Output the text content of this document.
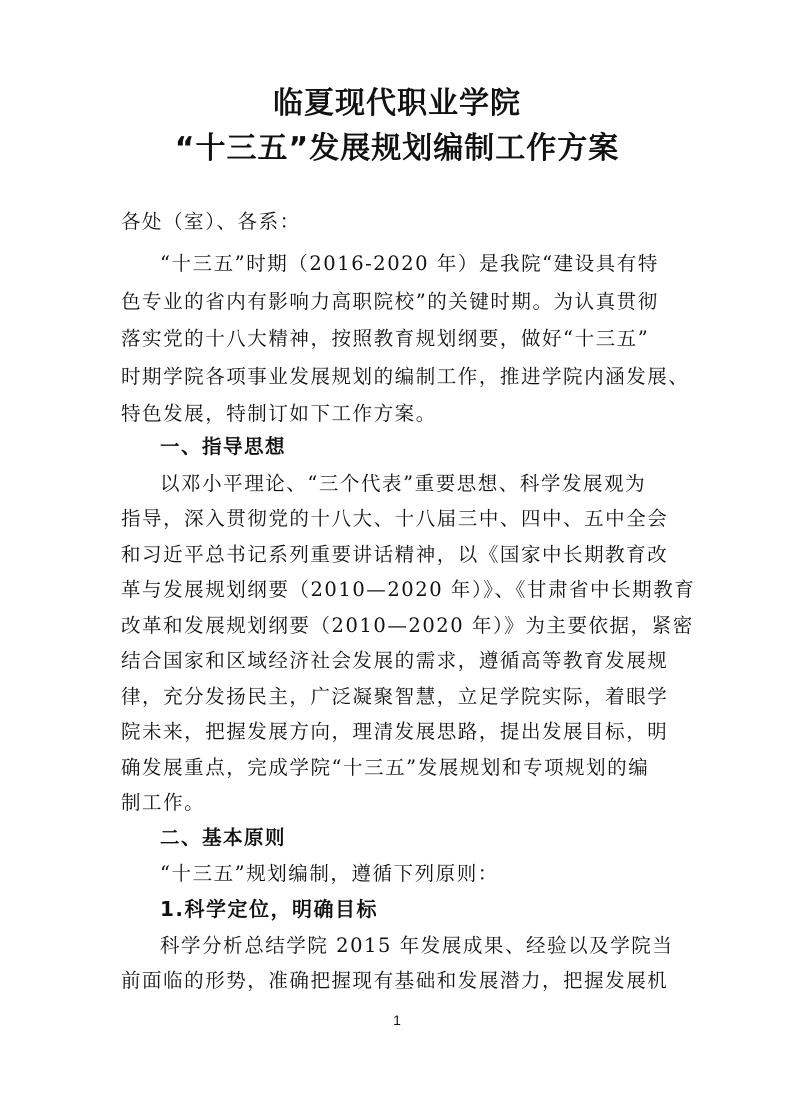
临夏现代职业学院
“十三五”发展规划编制工作方案
各处（室）、各系：
“十三五”时期（2016-2020 年）是我院“建设具有特
色专业的省内有影响力高职院校”的关键时期。为认真贯彻
落实党的十八大精神，按照教育规划纲要，做好“十三五”
时期学院各项事业发展规划的编制工作，推进学院内涵发展、
特色发展，特制订如下工作方案。
一、指导思想
以邓小平理论、“三个代表”重要思想、科学发展观为
指导，深入贯彻党的十八大、十八届三中、四中、五中全会
和习近平总书记系列重要讲话精神，以《国家中长期教育改
革与发展规划纲要（2010—2020 年）》、《甘肃省中长期教育
改革和发展规划纲要（2010—2020 年）》为主要依据，紧密
结合国家和区域经济社会发展的需求，遵循高等教育发展规
律，充分发扬民主，广泛凝聚智慧，立足学院实际，着眼学
院未来，把握发展方向，理清发展思路，提出发展目标，明
确发展重点，完成学院“十三五”发展规划和专项规划的编
制工作。
二、基本原则
“十三五”规划编制，遵循下列原则：
1.科学定位，明确目标
科学分析总结学院 2015 年发展成果、经验以及学院当
前面临的形势，准确把握现有基础和发展潜力，把握发展机
1
